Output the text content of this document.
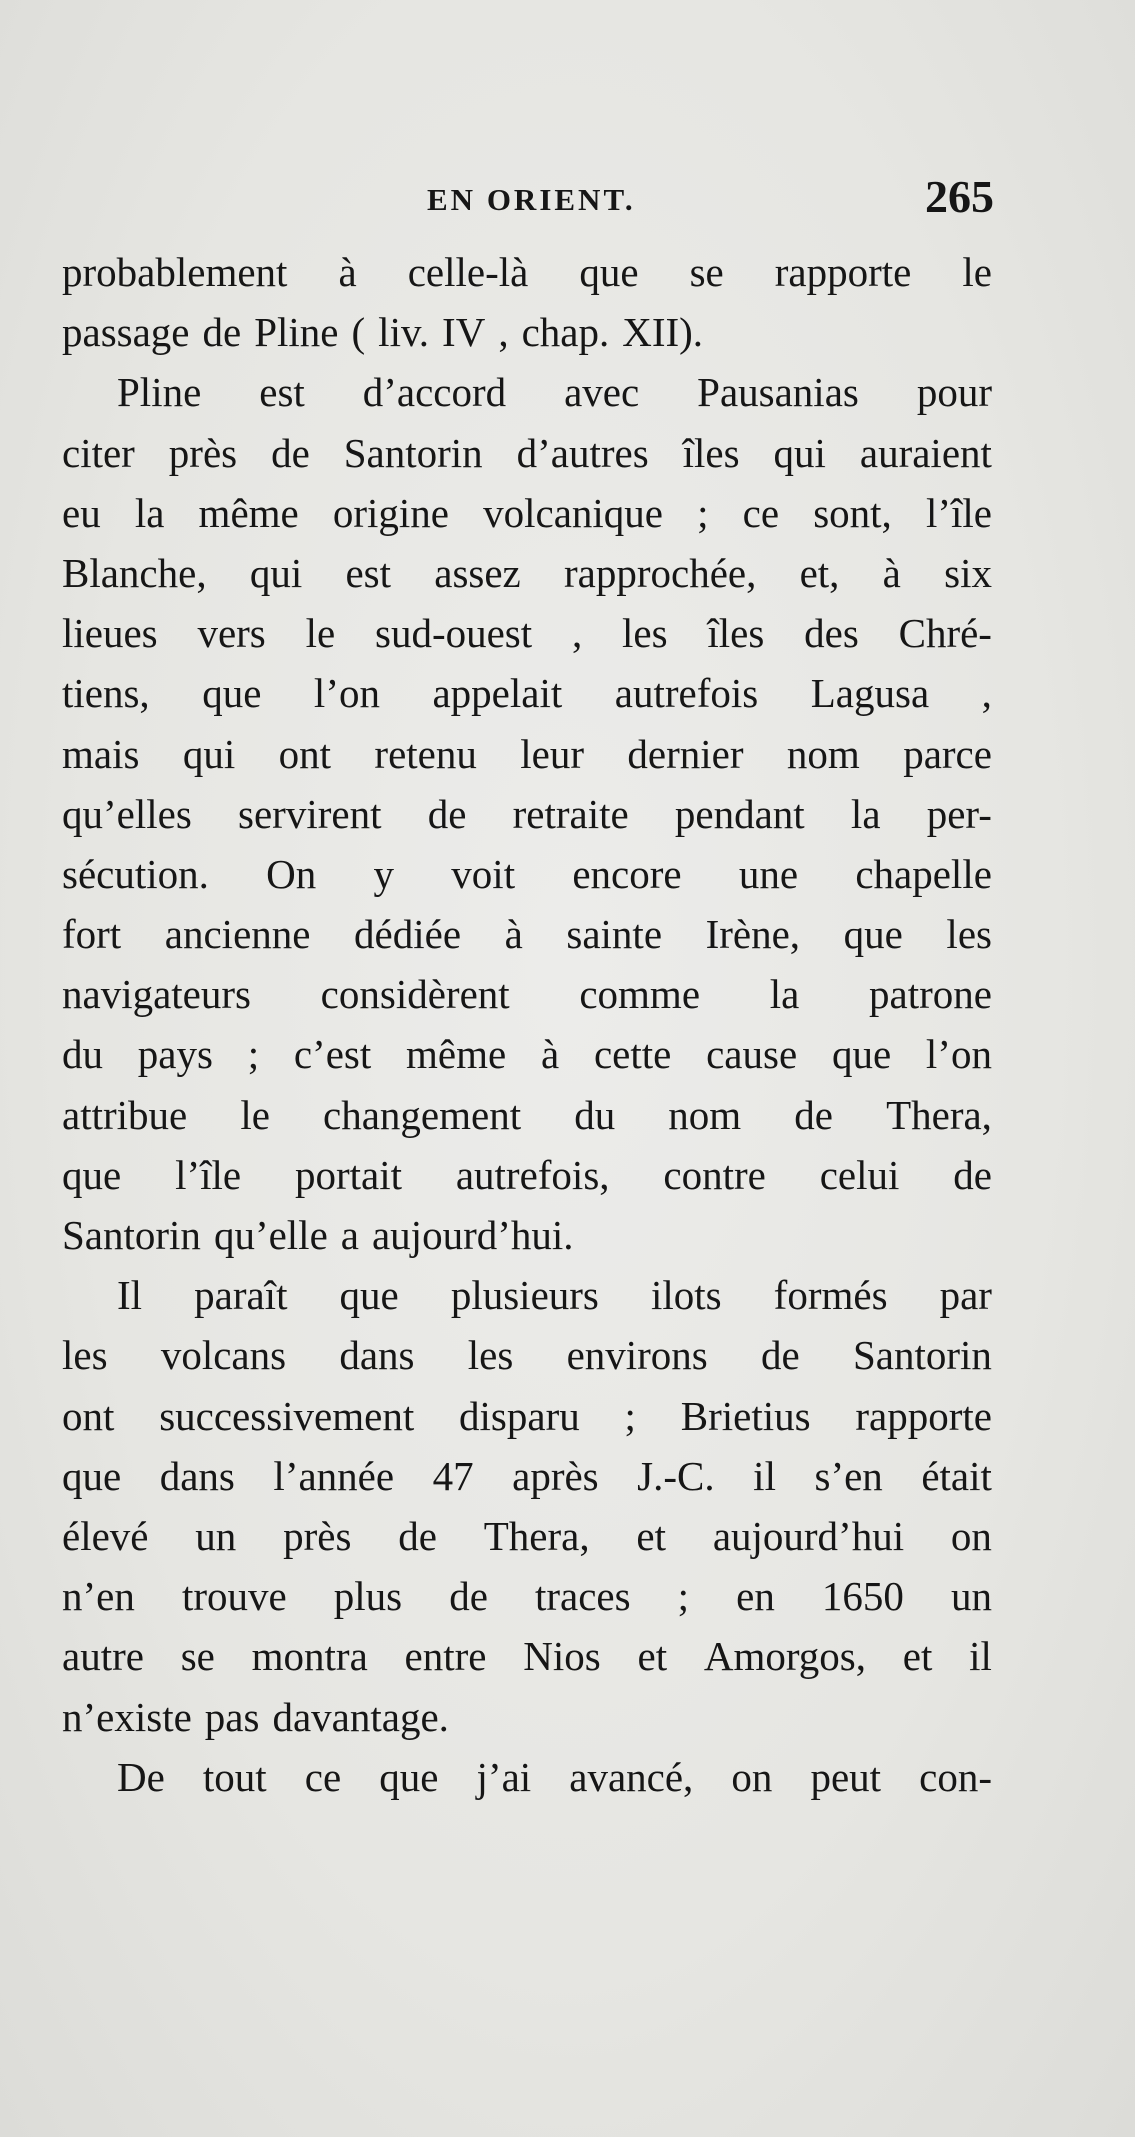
EN ORIENT.	265
probablement à celle-là que se rapporte le
passage de Pline ( liv. IV , chap. XII).
Pline est d’accord avec Pausanias pour
citer près de Santorin d’autres îles qui auraient
eu la même origine volcanique ; ce sont, l’île
Blanche, qui est assez rapprochée, et, à six
lieues vers le sud-ouest , les îles des Chré-
tiens, que l’on appelait autrefois Lagusa ,
mais qui ont retenu leur dernier nom parce
qu’elles servirent de retraite pendant la per-
sécution. On y voit encore une chapelle
fort ancienne dédiée à sainte Irène, que les
navigateurs considèrent comme la patrone
du pays ; c’est même à cette cause que l’on
attribue le changement du nom de Thera,
que l’île portait autrefois, contre celui de
Santorin qu’elle a aujourd’hui.
Il paraît que plusieurs ilots formés par
les volcans dans les environs de Santorin
ont successivement disparu ; Brietius rapporte
que dans l’année 47 après J.-C. il s’en était
élevé un près de Thera, et aujourd’hui on
n’en trouve plus de traces ; en 1650 un
autre se montra entre Nios et Amorgos, et il
n’existe pas davantage.
De tout ce que j’ai avancé, on peut con-
